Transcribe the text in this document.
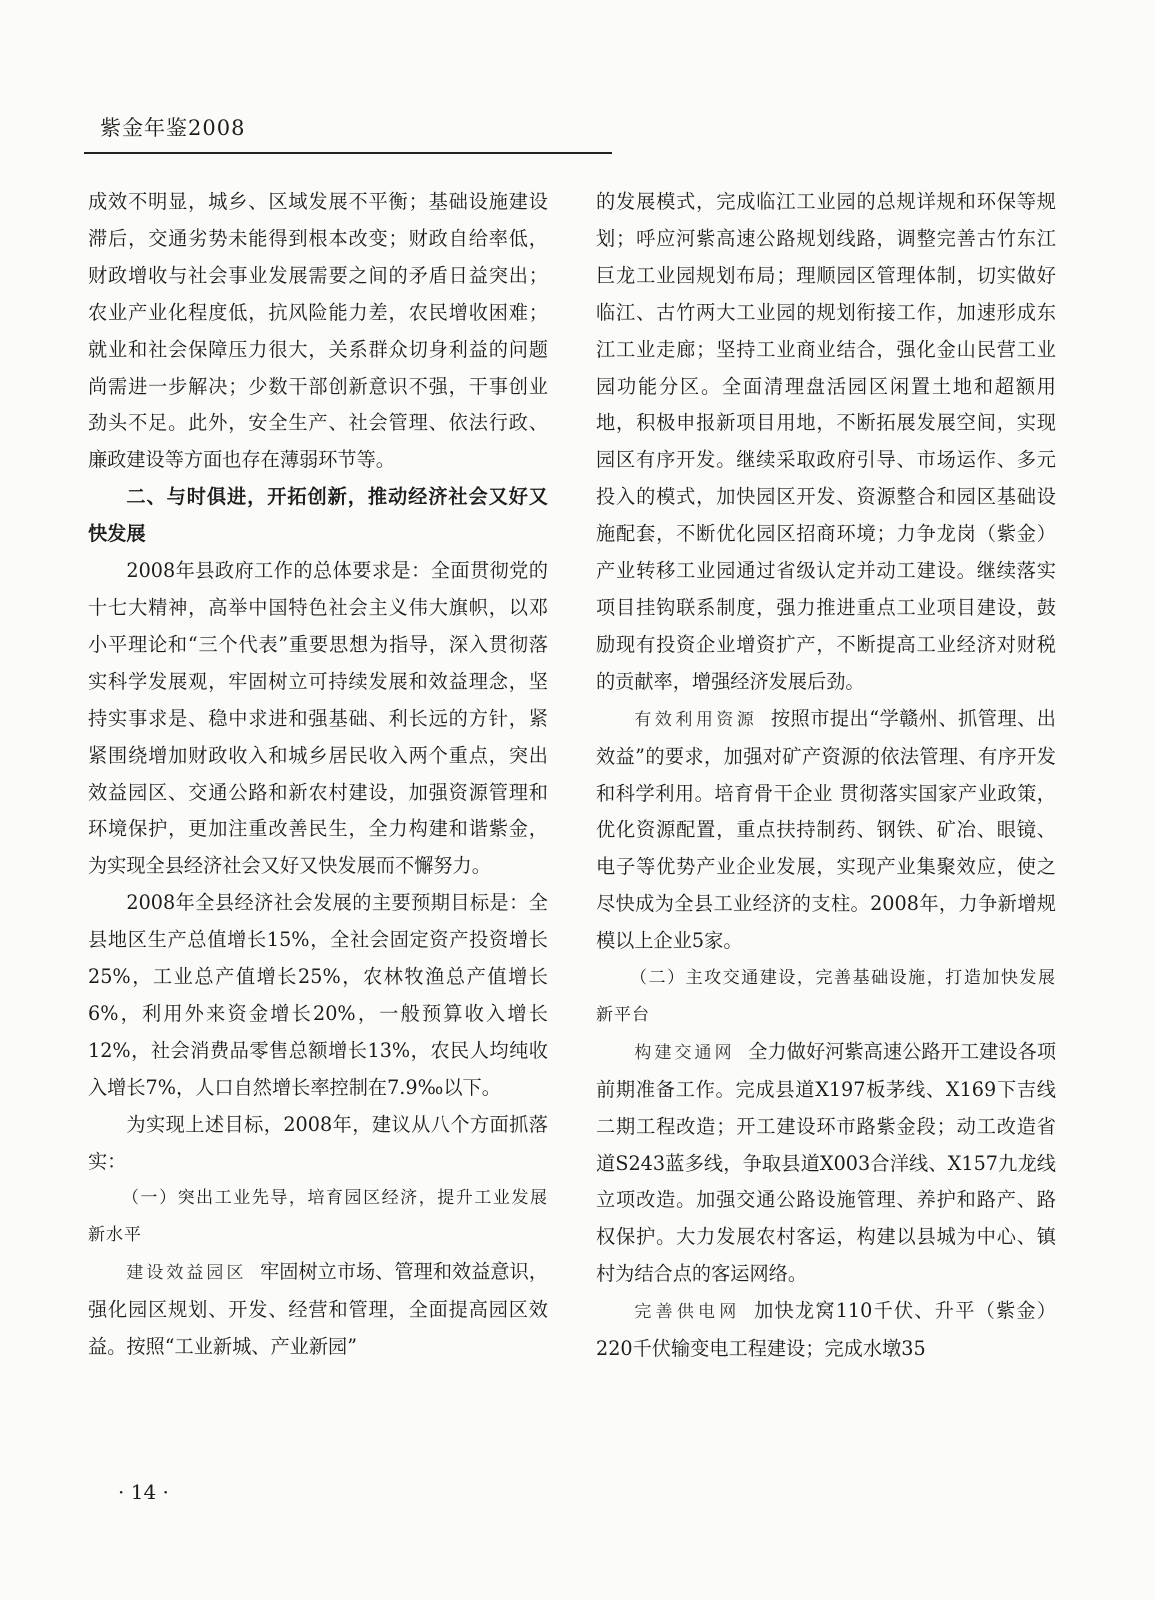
紫金年鉴2008

成效不明显，城乡、区域发展不平衡；基础设施建设滞后，交通劣势未能得到根本改变；财政自给率低，财政增收与社会事业发展需要之间的矛盾日益突出；农业产业化程度低，抗风险能力差，农民增收困难；就业和社会保障压力很大，关系群众切身利益的问题尚需进一步解决；少数干部创新意识不强，干事创业劲头不足。此外，安全生产、社会管理、依法行政、廉政建设等方面也存在薄弱环节等。

二、与时俱进，开拓创新，推动经济社会又好又快发展

2008年县政府工作的总体要求是：全面贯彻党的十七大精神，高举中国特色社会主义伟大旗帜，以邓小平理论和“三个代表”重要思想为指导，深入贯彻落实科学发展观，牢固树立可持续发展和效益理念，坚持实事求是、稳中求进和强基础、利长远的方针，紧紧围绕增加财政收入和城乡居民收入两个重点，突出效益园区、交通公路和新农村建设，加强资源管理和环境保护，更加注重改善民生，全力构建和谐紫金，为实现全县经济社会又好又快发展而不懈努力。

2008年全县经济社会发展的主要预期目标是：全县地区生产总值增长15%，全社会固定资产投资增长25%，工业总产值增长25%，农林牧渔总产值增长6%，利用外来资金增长20%，一般预算收入增长12%，社会消费品零售总额增长13%，农民人均纯收入增长7%，人口自然增长率控制在7.9‰以下。

为实现上述目标，2008年，建议从八个方面抓落实：

（一）突出工业先导，培育园区经济，提升工业发展新水平

建设效益园区 牢固树立市场、管理和效益意识，强化园区规划、开发、经营和管理，全面提高园区效益。按照“工业新城、产业新园”

的发展模式，完成临江工业园的总规详规和环保等规划；呼应河紫高速公路规划线路，调整完善古竹东江巨龙工业园规划布局；理顺园区管理体制，切实做好临江、古竹两大工业园的规划衔接工作，加速形成东江工业走廊；坚持工业商业结合，强化金山民营工业园功能分区。全面清理盘活园区闲置土地和超额用地，积极申报新项目用地，不断拓展发展空间，实现园区有序开发。继续采取政府引导、市场运作、多元投入的模式，加快园区开发、资源整合和园区基础设施配套，不断优化园区招商环境；力争龙岗（紫金）产业转移工业园通过省级认定并动工建设。继续落实项目挂钩联系制度，强力推进重点工业项目建设，鼓励现有投资企业增资扩产，不断提高工业经济对财税的贡献率，增强经济发展后劲。

有效利用资源 按照市提出“学赣州、抓管理、出效益”的要求，加强对矿产资源的依法管理、有序开发和科学利用。培育骨干企业 贯彻落实国家产业政策，优化资源配置，重点扶持制药、钢铁、矿冶、眼镜、电子等优势产业企业发展，实现产业集聚效应，使之尽快成为全县工业经济的支柱。2008年，力争新增规模以上企业5家。

（二）主攻交通建设，完善基础设施，打造加快发展新平台

构建交通网 全力做好河紫高速公路开工建设各项前期准备工作。完成县道X197板茅线、X169下吉线二期工程改造；开工建设环市路紫金段；动工改造省道S243蓝多线，争取县道X003合洋线、X157九龙线立项改造。加强交通公路设施管理、养护和路产、路权保护。大力发展农村客运，构建以县城为中心、镇村为结合点的客运网络。

完善供电网 加快龙窝110千伏、升平（紫金）220千伏输变电工程建设；完成水墩35

· 14 ·
